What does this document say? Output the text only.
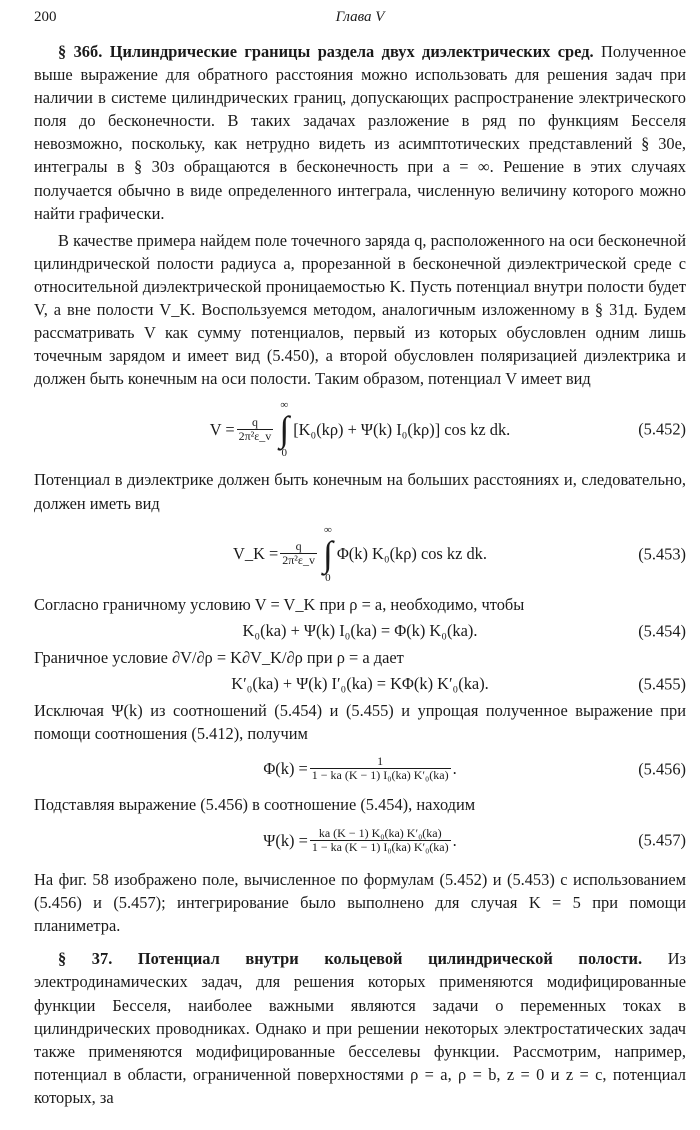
200	Глава V

§ 36б. Цилиндрические границы раздела двух диэлектрических сред. Полученное выше выражение для обратного расстояния можно использовать для решения задач при наличии в системе цилиндрических границ, допускающих распространение электрического поля до бесконечности. В таких задачах разложение в ряд по функциям Бесселя невозможно, поскольку, как нетрудно видеть из асимптотических представлений § 30е, интегралы в § 30з обращаются в бесконечность при a = ∞. Решение в этих случаях получается обычно в виде определенного интеграла, численную величину которого можно найти графически.

В качестве примера найдем поле точечного заряда q, расположенного на оси бесконечной цилиндрической полости радиуса a, прорезанной в бесконечной диэлектрической среде с относительной диэлектрической проницаемостью K. Пусть потенциал внутри полости будет V, а вне полости V_K. Воспользуемся методом, аналогичным изложенному в § 31д. Будем рассматривать V как сумму потенциалов, первый из которых обусловлен одним лишь точечным зарядом и имеет вид (5.450), а второй обусловлен поляризацией диэлектрика и должен быть конечным на оси полости. Таким образом, потенциал V имеет вид

$V = \frac{q}{\text{2π²ε\_v}}$
∞
∫
0
[K₀(kρ) + Ψ(k) I₀(kρ)] cos kz dk.	(5.452)

Потенциал в диэлектрике должен быть конечным на больших расстояниях и, следовательно, должен иметь вид

V_K = $\frac{q}{\text{2π²ε\_v}}$
∞
∫
0
Φ(k) K₀(kρ) cos kz dk.	(5.453)

Согласно граничному условию V = V_K при ρ = a, необходимо, чтобы

K₀(ka) + Ψ(k) I₀(ka) = Φ(k) K₀(ka).	(5.454)

Граничное условие ∂V/∂ρ = K∂V_K/∂ρ при ρ = a дает

K′₀(ka) + Ψ(k) I′₀(ka) = KΦ(k) K′₀(ka).	(5.455)

Исключая Ψ(k) из соотношений (5.454) и (5.455) и упрощая полученное выражение при помощи соотношения (5.412), получим

$\Phi(k) = \frac{1}{\text{1 − ka (K − 1) I₀(ka) K′₀(ka)}}$ .	(5.456)

Подставляя выражение (5.456) в соотношение (5.454), находим

$\Psi(k) = \frac{\text{ka (K − 1) K₀(ka) K′₀(ka)}}{\text{1 − ka (K − 1) I₀(ka) K′₀(ka)}}$ .	(5.457)

На фиг. 58 изображено поле, вычисленное по формулам (5.452) и (5.453) с использованием (5.456) и (5.457); интегрирование было выполнено для случая K = 5 при помощи планиметра.

§ 37. Потенциал внутри кольцевой цилиндрической полости. Из электродинамических задач, для решения которых применяются модифицированные функции Бесселя, наиболее важными являются задачи о переменных токах в цилиндрических проводниках. Однако и при решении некоторых электростатических задач также применяются модифицированные бесселевы функции. Рассмотрим, например, потенциал в области, ограниченной поверхностями ρ = a, ρ = b, z = 0 и z = c, потенциал которых, за
